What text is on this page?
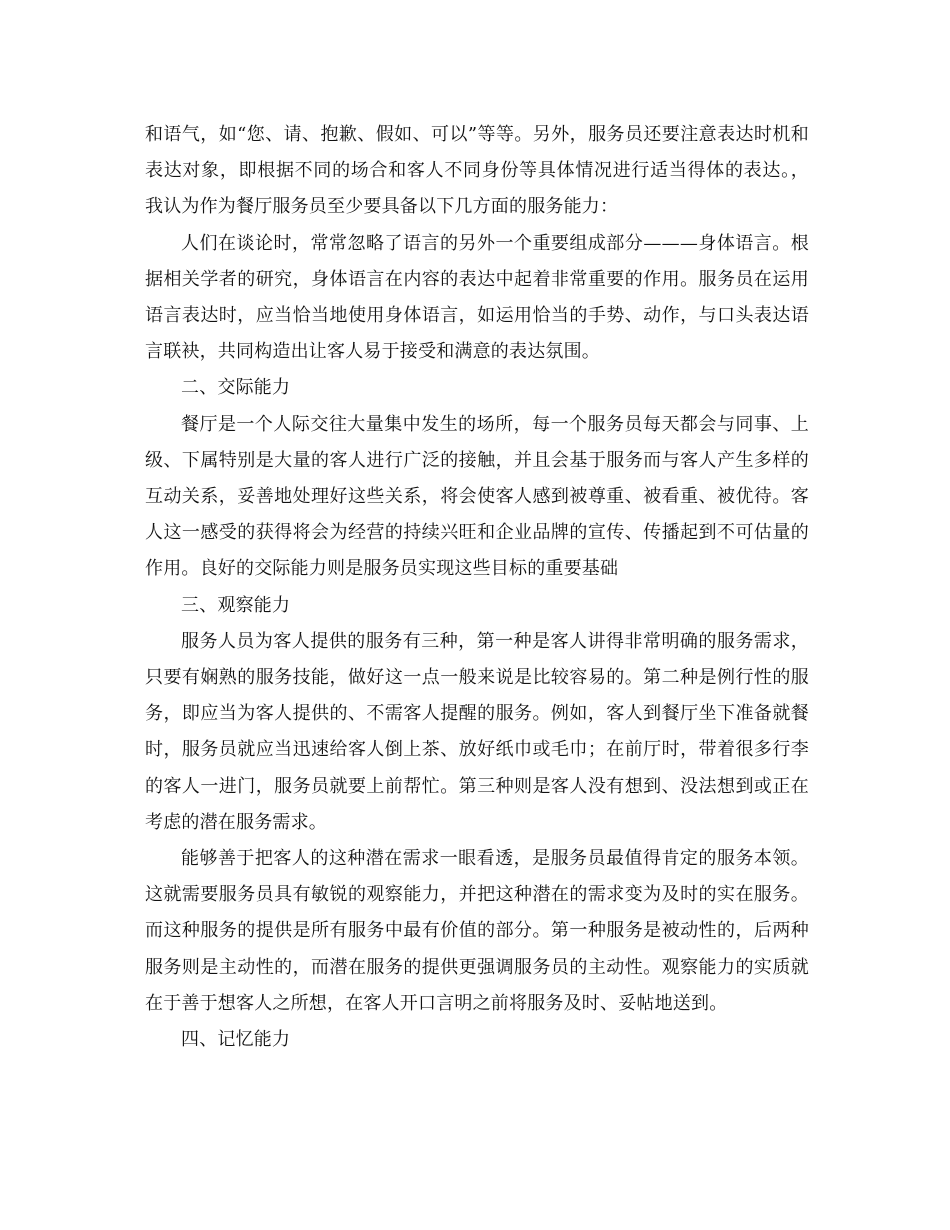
和语气，如“您、请、抱歉、假如、可以”等等。另外，服务员还要注意表达时机和表达对象，即根据不同的场合和客人不同身份等具体情况进行适当得体的表达。，我认为作为餐厅服务员至少要具备以下几方面的服务能力：

人们在谈论时，常常忽略了语言的另外一个重要组成部分———身体语言。根据相关学者的研究，身体语言在内容的表达中起着非常重要的作用。服务员在运用语言表达时，应当恰当地使用身体语言，如运用恰当的手势、动作，与口头表达语言联袂，共同构造出让客人易于接受和满意的表达氛围。

二、交际能力

餐厅是一个人际交往大量集中发生的场所，每一个服务员每天都会与同事、上级、下属特别是大量的客人进行广泛的接触，并且会基于服务而与客人产生多样的互动关系，妥善地处理好这些关系，将会使客人感到被尊重、被看重、被优待。客人这一感受的获得将会为经营的持续兴旺和企业品牌的宣传、传播起到不可估量的作用。良好的交际能力则是服务员实现这些目标的重要基础

三、观察能力

服务人员为客人提供的服务有三种，第一种是客人讲得非常明确的服务需求，只要有娴熟的服务技能，做好这一点一般来说是比较容易的。第二种是例行性的服务，即应当为客人提供的、不需客人提醒的服务。例如，客人到餐厅坐下准备就餐时，服务员就应当迅速给客人倒上茶、放好纸巾或毛巾；在前厅时，带着很多行李的客人一进门，服务员就要上前帮忙。第三种则是客人没有想到、没法想到或正在考虑的潜在服务需求。

能够善于把客人的这种潜在需求一眼看透，是服务员最值得肯定的服务本领。这就需要服务员具有敏锐的观察能力，并把这种潜在的需求变为及时的实在服务。而这种服务的提供是所有服务中最有价值的部分。第一种服务是被动性的，后两种服务则是主动性的，而潜在服务的提供更强调服务员的主动性。观察能力的实质就在于善于想客人之所想，在客人开口言明之前将服务及时、妥帖地送到。

四、记忆能力
